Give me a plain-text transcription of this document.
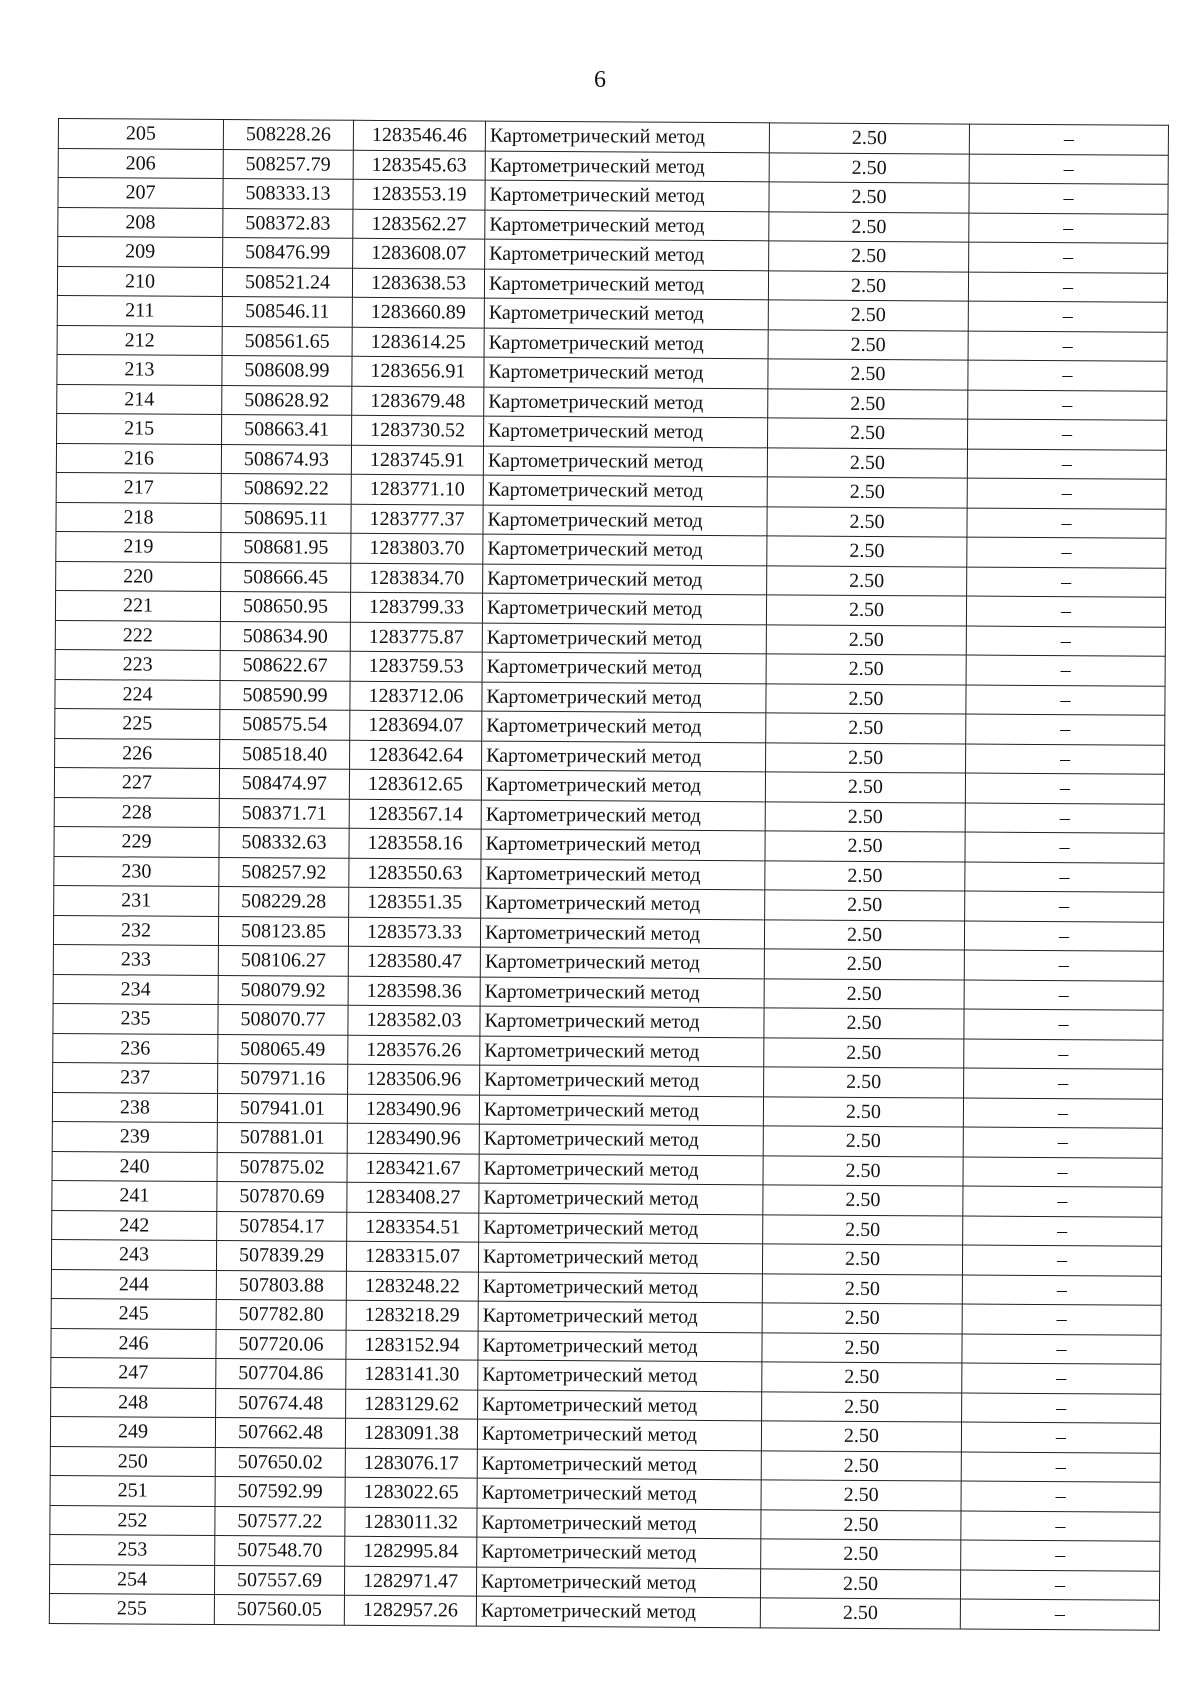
6
205	508228.26	1283546.46	Картометрический метод	2.50	–
206	508257.79	1283545.63	Картометрический метод	2.50	–
207	508333.13	1283553.19	Картометрический метод	2.50	–
208	508372.83	1283562.27	Картометрический метод	2.50	–
209	508476.99	1283608.07	Картометрический метод	2.50	–
210	508521.24	1283638.53	Картометрический метод	2.50	–
211	508546.11	1283660.89	Картометрический метод	2.50	–
212	508561.65	1283614.25	Картометрический метод	2.50	–
213	508608.99	1283656.91	Картометрический метод	2.50	–
214	508628.92	1283679.48	Картометрический метод	2.50	–
215	508663.41	1283730.52	Картометрический метод	2.50	–
216	508674.93	1283745.91	Картометрический метод	2.50	–
217	508692.22	1283771.10	Картометрический метод	2.50	–
218	508695.11	1283777.37	Картометрический метод	2.50	–
219	508681.95	1283803.70	Картометрический метод	2.50	–
220	508666.45	1283834.70	Картометрический метод	2.50	–
221	508650.95	1283799.33	Картометрический метод	2.50	–
222	508634.90	1283775.87	Картометрический метод	2.50	–
223	508622.67	1283759.53	Картометрический метод	2.50	–
224	508590.99	1283712.06	Картометрический метод	2.50	–
225	508575.54	1283694.07	Картометрический метод	2.50	–
226	508518.40	1283642.64	Картометрический метод	2.50	–
227	508474.97	1283612.65	Картометрический метод	2.50	–
228	508371.71	1283567.14	Картометрический метод	2.50	–
229	508332.63	1283558.16	Картометрический метод	2.50	–
230	508257.92	1283550.63	Картометрический метод	2.50	–
231	508229.28	1283551.35	Картометрический метод	2.50	–
232	508123.85	1283573.33	Картометрический метод	2.50	–
233	508106.27	1283580.47	Картометрический метод	2.50	–
234	508079.92	1283598.36	Картометрический метод	2.50	–
235	508070.77	1283582.03	Картометрический метод	2.50	–
236	508065.49	1283576.26	Картометрический метод	2.50	–
237	507971.16	1283506.96	Картометрический метод	2.50	–
238	507941.01	1283490.96	Картометрический метод	2.50	–
239	507881.01	1283490.96	Картометрический метод	2.50	–
240	507875.02	1283421.67	Картометрический метод	2.50	–
241	507870.69	1283408.27	Картометрический метод	2.50	–
242	507854.17	1283354.51	Картометрический метод	2.50	–
243	507839.29	1283315.07	Картометрический метод	2.50	–
244	507803.88	1283248.22	Картометрический метод	2.50	–
245	507782.80	1283218.29	Картометрический метод	2.50	–
246	507720.06	1283152.94	Картометрический метод	2.50	–
247	507704.86	1283141.30	Картометрический метод	2.50	–
248	507674.48	1283129.62	Картометрический метод	2.50	–
249	507662.48	1283091.38	Картометрический метод	2.50	–
250	507650.02	1283076.17	Картометрический метод	2.50	–
251	507592.99	1283022.65	Картометрический метод	2.50	–
252	507577.22	1283011.32	Картометрический метод	2.50	–
253	507548.70	1282995.84	Картометрический метод	2.50	–
254	507557.69	1282971.47	Картометрический метод	2.50	–
255	507560.05	1282957.26	Картометрический метод	2.50	–
